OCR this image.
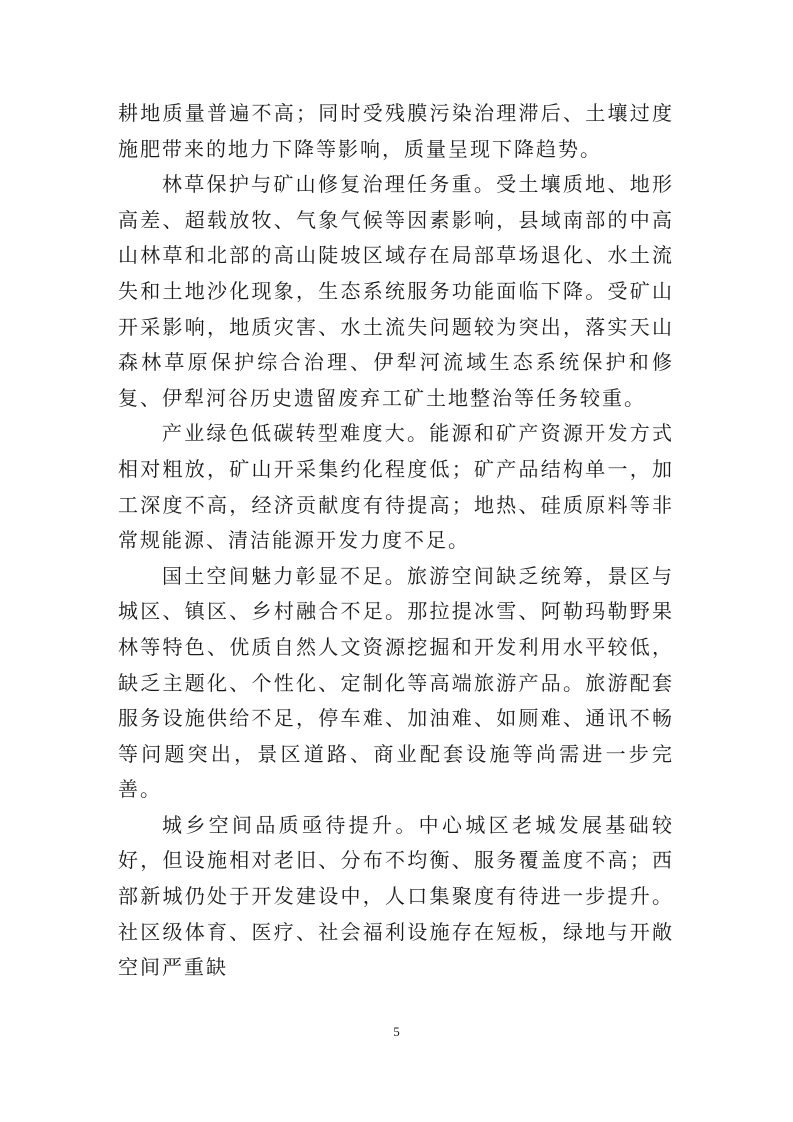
耕地质量普遍不高；同时受残膜污染治理滞后、土壤过度施肥带来的地力下降等影响，质量呈现下降趋势。

林草保护与矿山修复治理任务重。受土壤质地、地形高差、超载放牧、气象气候等因素影响，县域南部的中高山林草和北部的高山陡坡区域存在局部草场退化、水土流失和土地沙化现象，生态系统服务功能面临下降。受矿山开采影响，地质灾害、水土流失问题较为突出，落实天山森林草原保护综合治理、伊犁河流域生态系统保护和修复、伊犁河谷历史遗留废弃工矿土地整治等任务较重。

产业绿色低碳转型难度大。能源和矿产资源开发方式相对粗放，矿山开采集约化程度低；矿产品结构单一，加工深度不高，经济贡献度有待提高；地热、硅质原料等非常规能源、清洁能源开发力度不足。

国土空间魅力彰显不足。旅游空间缺乏统筹，景区与城区、镇区、乡村融合不足。那拉提冰雪、阿勒玛勒野果林等特色、优质自然人文资源挖掘和开发利用水平较低，缺乏主题化、个性化、定制化等高端旅游产品。旅游配套服务设施供给不足，停车难、加油难、如厕难、通讯不畅等问题突出，景区道路、商业配套设施等尚需进一步完善。

城乡空间品质亟待提升。中心城区老城发展基础较好，但设施相对老旧、分布不均衡、服务覆盖度不高；西部新城仍处于开发建设中，人口集聚度有待进一步提升。社区级体育、医疗、社会福利设施存在短板，绿地与开敞空间严重缺

5
